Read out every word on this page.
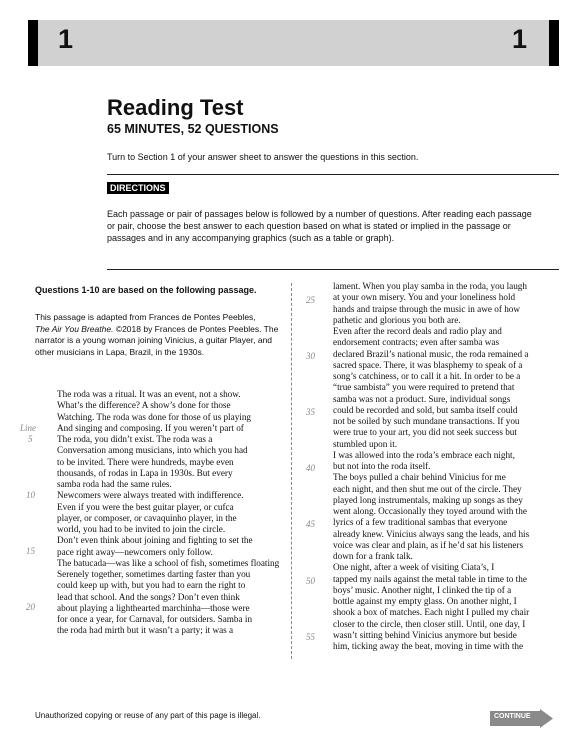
1	1
Reading Test
65 MINUTES, 52 QUESTIONS
Turn to Section 1 of your answer sheet to answer the questions in this section.
DIRECTIONS
Each passage or pair of passages below is followed by a number of questions. After reading each passage or pair, choose the best answer to each question based on what is stated or implied in the passage or passages and in any accompanying graphics (such as a table or graph).

Questions 1-10 are based on the following passage.

This passage is adapted from Frances de Pontes Peebles,
The Air You Breathe. ©2018 by Frances de Pontes Peebles. The narrator is a young woman joining Vinicius, a guitar Player, and other musicians in Lapa, Brazil, in the 1930s.

The roda was a ritual. It was an event, not a show.
What’s the difference? A show’s done for those
Watching. The roda was done for those of us playing
And singing and composing. If you weren’t part of
The roda, you didn’t exist. The roda was a
Conversation among musicians, into which you had
to be invited. There were hundreds, maybe even
thousands, of rodas in Lapa in 1930s. But every
samba roda had the same rules.
Newcomers were always treated with indifference.
Even if you were the best guitar player, or cufca
player, or composer, or cavaquinho player, in the
world, you had to be invited to join the circle.
Don’t even think about joining and fighting to set the
pace right away—newcomers only follow.
The batucada—was like a school of fish, sometimes floating
Serenely together, sometimes darting faster than you
could keep up with, but you had to earn the right to
lead that school. And the songs? Don’t even think
about playing a lighthearted marchinha—those were
for once a year, for Carnaval, for outsiders. Samba in
the roda had mirth but it wasn’t a party; it was a
lament. When you play samba in the roda, you laugh
at your own misery. You and your loneliness hold
hands and traipse through the music in awe of how
pathetic and glorious you both are.
Even after the record deals and radio play and
endorsement contracts; even after samba was
declared Brazil’s national music, the roda remained a
sacred space. There, it was blasphemy to speak of a
song’s catchiness, or to call it a hit. In order to be a
“true sambista” you were required to pretend that
samba was not a product. Sure, individual songs
could be recorded and sold, but samba itself could
not be soiled by such mundane transactions. If you
were true to your art, you did not seek success but
stumbled upon it.
I was allowed into the roda’s embrace each night,
but not into the roda itself.
The boys pulled a chair behind Vinicius for me
each night, and then shut me out of the circle. They
played long instrumentals, making up songs as they
went along. Occasionally they toyed around with the
lyrics of a few traditional sambas that everyone
already knew. Vinicius always sang the leads, and his
voice was clear and plain, as if he’d sat his listeners
down for a frank talk.
One night, after a week of visiting Ciata’s, I
tapped my nails against the metal table in time to the
boys’ music. Another night, I clinked the tip of a
bottle against my empty glass. On another night, I
shook a box of matches. Each night I pulled my chair
closer to the circle, then closer still. Until, one day, I
wasn’t sitting behind Vinicius anymore but beside
him, ticking away the beat, moving in time with the
Line
5
10
15
20
25
30
35
40
45
50
55
Unauthorized copying or reuse of any part of this page is illegal.	CONTINUE
